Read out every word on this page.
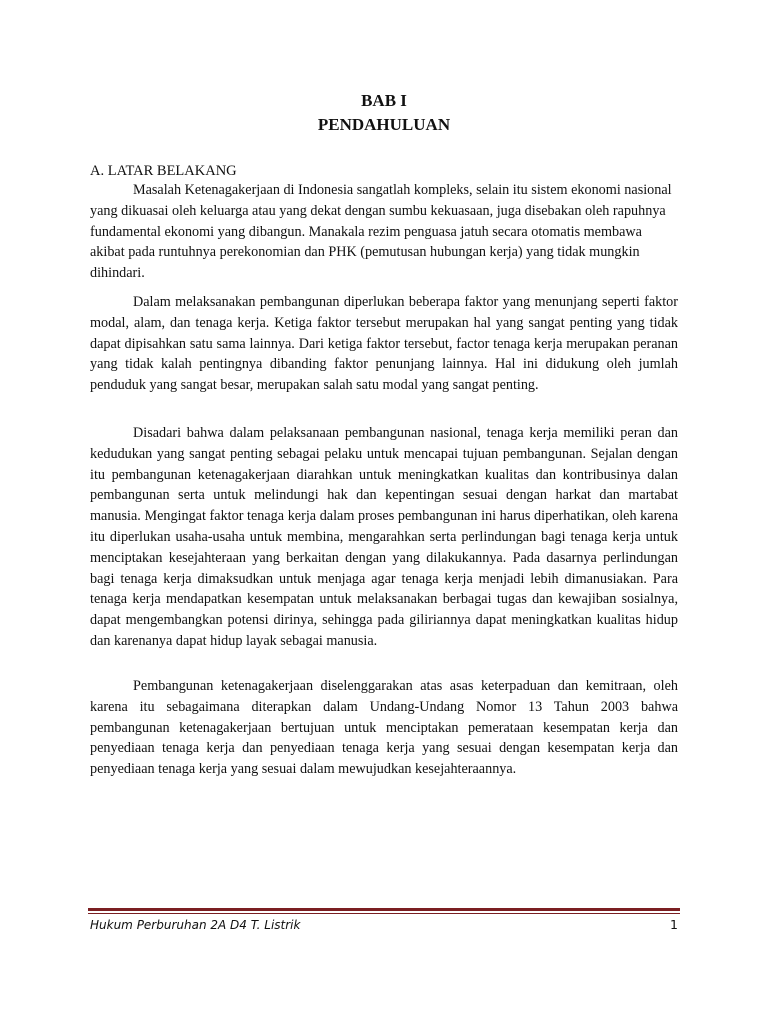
BAB I
PENDAHULUAN
A. LATAR BELAKANG

Masalah Ketenagakerjaan di Indonesia sangatlah kompleks, selain itu sistem ekonomi nasional yang dikuasai oleh keluarga atau yang dekat dengan sumbu kekuasaan, juga disebakan oleh rapuhnya fundamental ekonomi yang dibangun. Manakala rezim penguasa jatuh secara otomatis membawa akibat pada runtuhnya perekonomian dan PHK (pemutusan hubungan kerja) yang tidak mungkin dihindari.

Dalam melaksanakan pembangunan diperlukan beberapa faktor yang menunjang seperti faktor modal, alam, dan tenaga kerja. Ketiga faktor tersebut merupakan hal yang sangat penting yang tidak dapat dipisahkan satu sama lainnya. Dari ketiga faktor tersebut, factor tenaga kerja merupakan peranan yang tidak kalah pentingnya dibanding faktor penunjang lainnya. Hal ini didukung oleh jumlah penduduk yang sangat besar, merupakan salah satu modal yang sangat penting.

Disadari bahwa dalam pelaksanaan pembangunan nasional, tenaga kerja memiliki peran dan kedudukan yang sangat penting sebagai pelaku untuk mencapai tujuan pembangunan. Sejalan dengan itu pembangunan ketenagakerjaan diarahkan untuk meningkatkan kualitas dan kontribusinya dalan pembangunan serta untuk melindungi hak dan kepentingan sesuai dengan harkat dan martabat manusia. Mengingat faktor tenaga kerja dalam proses pembangunan ini harus diperhatikan, oleh karena itu diperlukan usaha-usaha untuk membina, mengarahkan serta perlindungan bagi tenaga kerja untuk menciptakan kesejahteraan yang berkaitan dengan yang dilakukannya. Pada dasarnya perlindungan bagi tenaga kerja dimaksudkan untuk menjaga agar tenaga kerja menjadi lebih dimanusiakan. Para tenaga kerja mendapatkan kesempatan untuk melaksanakan berbagai tugas dan kewajiban sosialnya, dapat mengembangkan potensi dirinya, sehingga pada giliriannya dapat meningkatkan kualitas hidup dan karenanya dapat hidup layak sebagai manusia.

Pembangunan ketenagakerjaan diselenggarakan atas asas keterpaduan dan kemitraan, oleh karena itu sebagaimana diterapkan dalam Undang-Undang Nomor 13 Tahun 2003 bahwa pembangunan ketenagakerjaan bertujuan untuk menciptakan pemerataan kesempatan kerja dan penyediaan tenaga kerja dan penyediaan tenaga kerja yang sesuai dengan kesempatan kerja dan penyediaan tenaga kerja yang sesuai dalam mewujudkan kesejahteraannya.

Hukum Perburuhan 2A D4 T. Listrik	1
